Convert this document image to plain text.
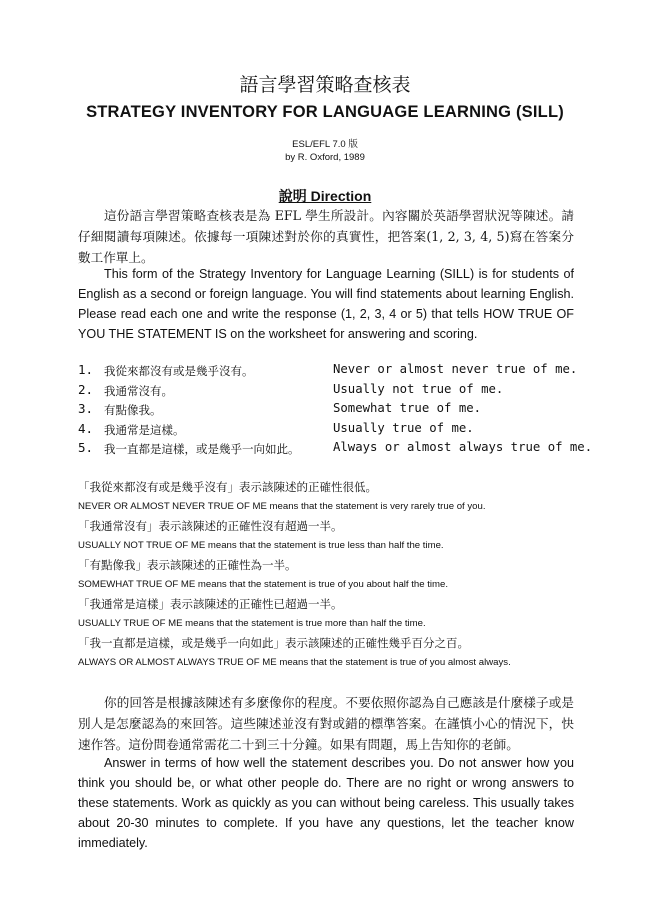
語言學習策略查核表
STRATEGY INVENTORY FOR LANGUAGE LEARNING (SILL)
ESL/EFL 7.0 版
by R. Oxford, 1989
說明 Direction
這份語言學習策略查核表是為 EFL 學生所設計。內容關於英語學習狀況等陳述。請仔細閱讀每項陳述。依據每一項陳述對於你的真實性，把答案(1, 2, 3, 4, 5)寫在答案分數工作單上。
This form of the Strategy Inventory for Language Learning (SILL) is for students of English as a second or foreign language. You will find statements about learning English. Please read each one and write the response (1, 2, 3, 4 or 5) that tells HOW TRUE OF YOU THE STATEMENT IS on the worksheet for answering and scoring.
1. 我從來都沒有或是幾乎沒有。	Never or almost never true of me.
2. 我通常沒有。	Usually not true of me.
3. 有點像我。	Somewhat true of me.
4. 我通常是這樣。	Usually true of me.
5. 我一直都是這樣，或是幾乎一向如此。	Always or almost always true of me.
「我從來都沒有或是幾乎沒有」表示該陳述的正確性很低。
NEVER OR ALMOST NEVER TRUE OF ME means that the statement is very rarely true of you.
「我通常沒有」表示該陳述的正確性沒有超過一半。
USUALLY NOT TRUE OF ME means that the statement is true less than half the time.
「有點像我」表示該陳述的正確性為一半。
SOMEWHAT TRUE OF ME means that the statement is true of you about half the time.
「我通常是這樣」表示該陳述的正確性已超過一半。
USUALLY TRUE OF ME means that the statement is true more than half the time.
「我一直都是這樣，或是幾乎一向如此」表示該陳述的正確性幾乎百分之百。
ALWAYS OR ALMOST ALWAYS TRUE OF ME means that the statement is true of you almost always.
你的回答是根據該陳述有多麼像你的程度。不要依照你認為自己應該是什麼樣子或是別人是怎麼認為的來回答。這些陳述並沒有對或錯的標準答案。在謹慎小心的情況下，快速作答。這份問卷通常需花二十到三十分鐘。如果有問題，馬上告知你的老師。
Answer in terms of how well the statement describes you. Do not answer how you think you should be, or what other people do. There are no right or wrong answers to these statements. Work as quickly as you can without being careless. This usually takes about 20-30 minutes to complete. If you have any questions, let the teacher know immediately.
